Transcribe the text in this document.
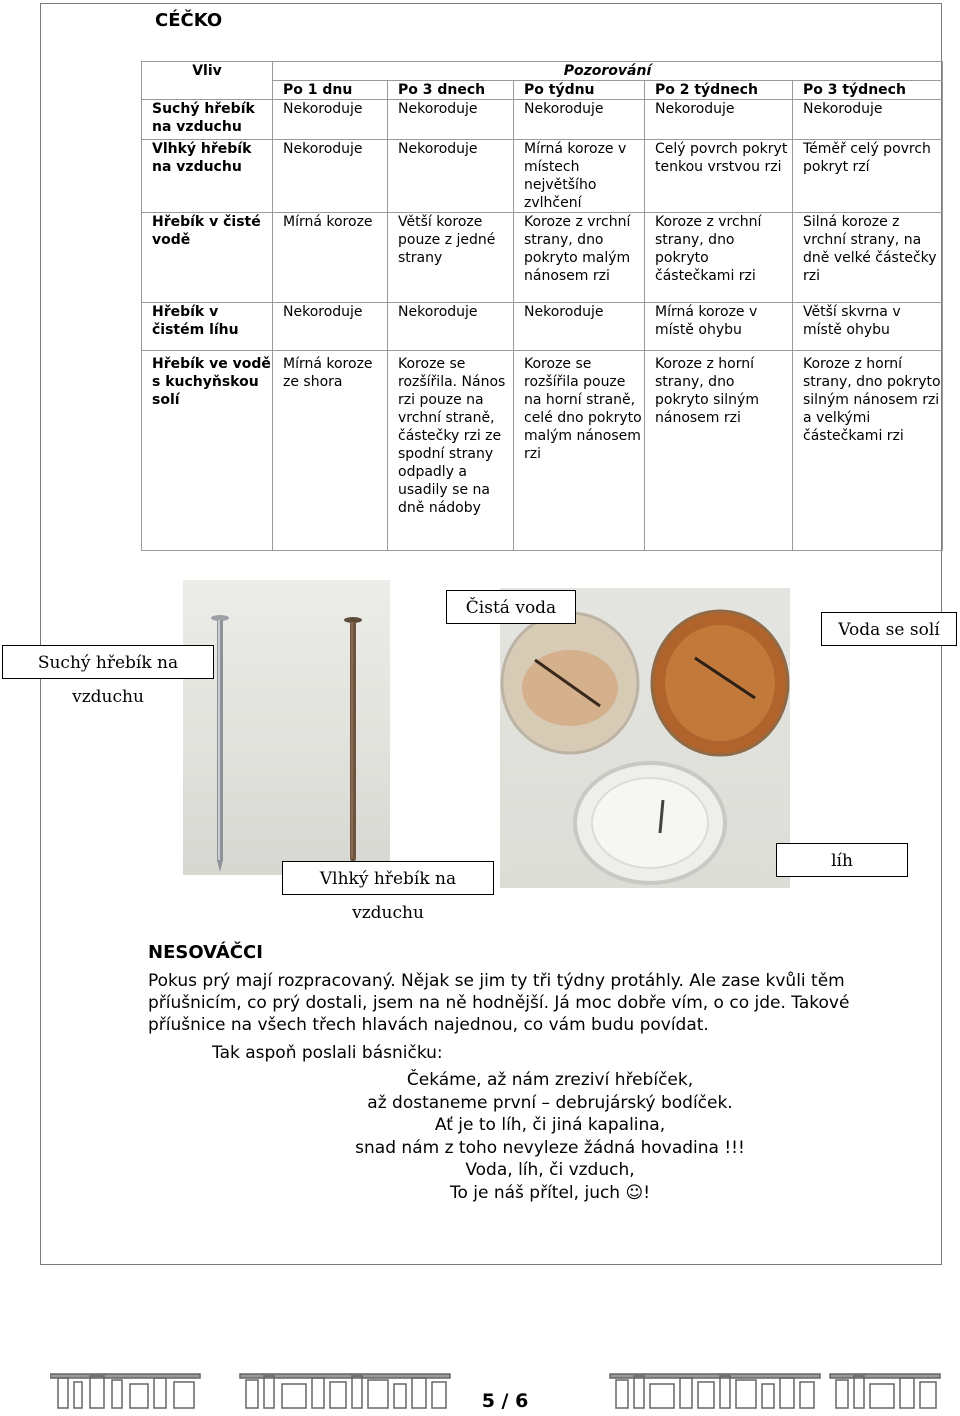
CÉČKO
Vliv	Pozorování				
	Po 1 dnu	Po 3 dnech	Po týdnu	Po 2 týdnech	Po 3 týdnech
Suchý hřebík na vzduchu	Nekoroduje	Nekoroduje	Nekoroduje	Nekoroduje	Nekoroduje
Vlhký hřebík na vzduchu	Nekoroduje	Nekoroduje	Mírná koroze v místech největšího zvlhčení	Celý povrch pokryt tenkou vrstvou rzi	Téměř celý povrch pokryt rzí
Hřebík v čisté vodě	Mírná koroze	Větší koroze pouze z jedné strany	Koroze z vrchní strany, dno pokryto malým nánosem rzi	Koroze z vrchní strany, dno pokryto částečkami rzi	Silná koroze z vrchní strany, na dně velké částečky rzi
Hřebík v čistém líhu	Nekoroduje	Nekoroduje	Nekoroduje	Mírná koroze v místě ohybu	Větší skvrna v místě ohybu
Hřebík ve vodě s kuchyňskou solí	Mírná koroze ze shora	Koroze se rozšířila. Nános rzi pouze na vrchní straně, částečky rzi ze spodní strany odpadly a usadily se na dně nádoby	Koroze se rozšířila pouze na horní straně, celé dno pokryto malým nánosem rzi	Koroze z horní strany, dno pokryto silným nánosem rzi	Koroze z horní strany, dno pokryto silným nánosem rzi a velkými částečkami rzi
Suchý hřebík na vzduchu
Vlhký hřebík na vzduchu
Čistá voda
Voda se solí
líh
NESOVÁČCI
Pokus prý mají rozpracovaný. Nějak se jim ty tři týdny protáhly. Ale zase kvůli těm příušnicím, co prý dostali, jsem na ně hodnější. Já moc dobře vím, o co jde. Takové příušnice na všech třech hlavách najednou, co vám budu povídat.
Tak aspoň poslali básničku:
Čekáme, až nám zreziví hřebíček,
až dostaneme první – debrujárský bodíček.
Ať je to líh, či jiná kapalina,
snad nám z toho nevyleze žádná hovadina !!!
Voda, líh, či vzduch,
To je náš přítel, juch ☺!
5 / 6
